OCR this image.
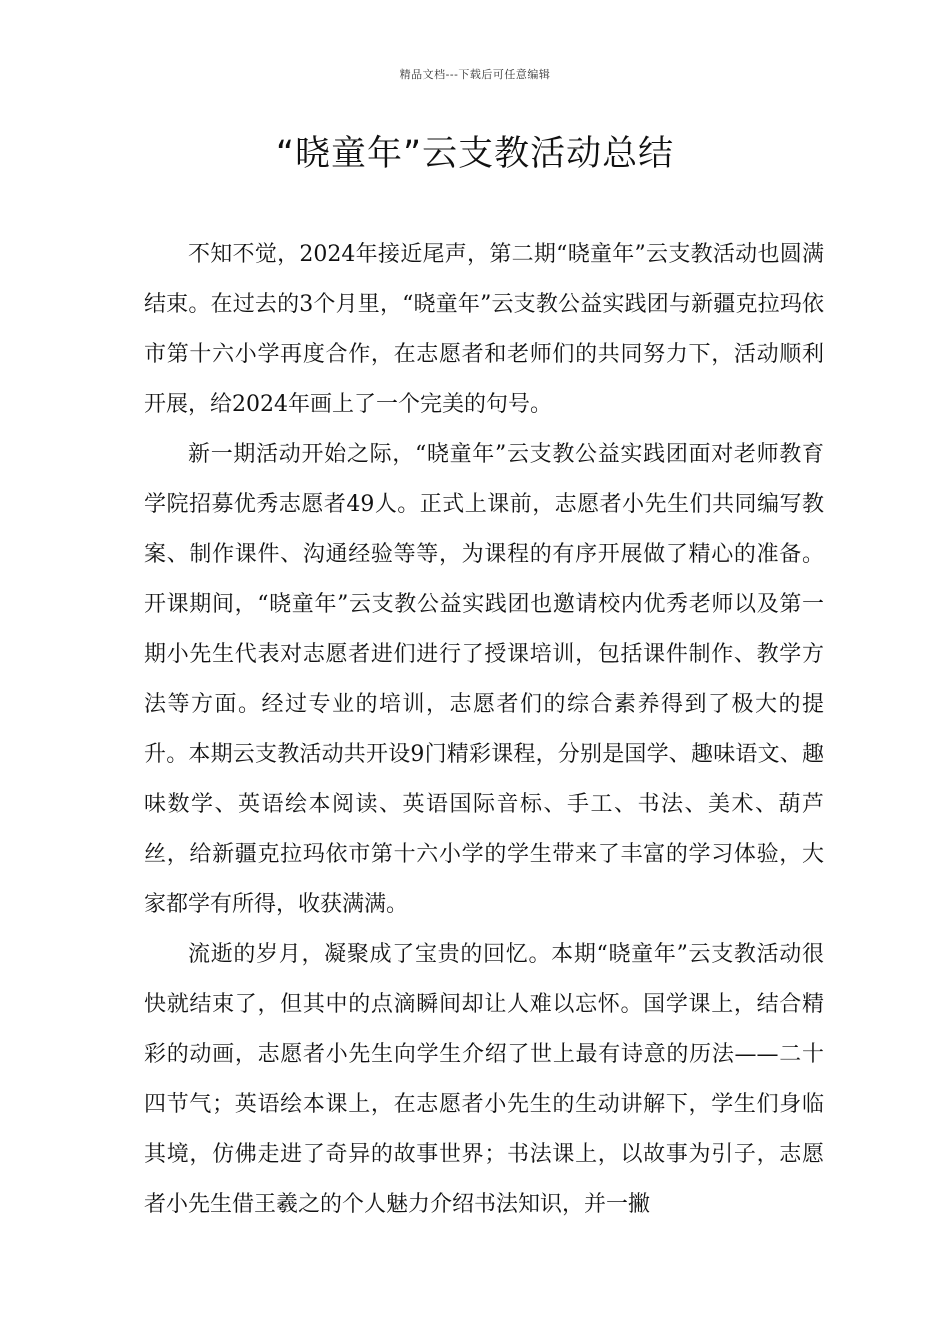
精品文档---下载后可任意编辑
“晓童年”云支教活动总结

不知不觉，2024年接近尾声，第二期“晓童年”云支教活动也圆满结束。在过去的3个月里，“晓童年”云支教公益实践团与新疆克拉玛依市第十六小学再度合作，在志愿者和老师们的共同努力下，活动顺利开展，给2024年画上了一个完美的句号。

新一期活动开始之际，“晓童年”云支教公益实践团面对老师教育学院招募优秀志愿者49人。正式上课前，志愿者小先生们共同编写教案、制作课件、沟通经验等等，为课程的有序开展做了精心的准备。开课期间，“晓童年”云支教公益实践团也邀请校内优秀老师以及第一期小先生代表对志愿者进们进行了授课培训，包括课件制作、教学方法等方面。经过专业的培训，志愿者们的综合素养得到了极大的提升。本期云支教活动共开设9门精彩课程，分别是国学、趣味语文、趣味数学、英语绘本阅读、英语国际音标、手工、书法、美术、葫芦丝，给新疆克拉玛依市第十六小学的学生带来了丰富的学习体验，大家都学有所得，收获满满。

流逝的岁月，凝聚成了宝贵的回忆。本期“晓童年”云支教活动很快就结束了，但其中的点滴瞬间却让人难以忘怀。国学课上，结合精彩的动画，志愿者小先生向学生介绍了世上最有诗意的历法——二十四节气；英语绘本课上，在志愿者小先生的生动讲解下，学生们身临其境，仿佛走进了奇异的故事世界；书法课上，以故事为引子，志愿者小先生借王羲之的个人魅力介绍书法知识，并一撇
